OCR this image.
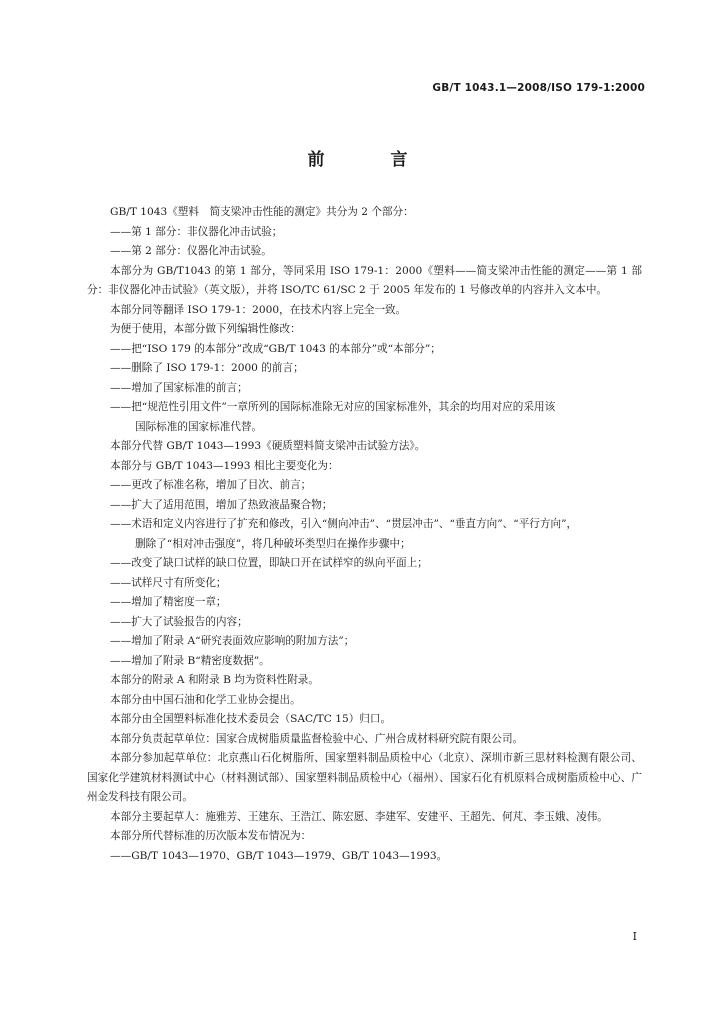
GB/T 1043.1—2008/ISO 179-1:2000
前 言

GB/T 1043《塑料　简支梁冲击性能的测定》共分为 2 个部分：

——第 1 部分：非仪器化冲击试验；

——第 2 部分：仪器化冲击试验。

本部分为 GB/T1043 的第 1 部分，等同采用 ISO 179-1：2000《塑料——简支梁冲击性能的测定——第 1 部分：非仪器化冲击试验》（英文版），并将 ISO/TC 61/SC 2 于 2005 年发布的 1 号修改单的内容并入文本中。

本部分同等翻译 ISO 179-1：2000，在技术内容上完全一致。

为便于使用，本部分做下列编辑性修改：

——把“ISO 179 的本部分”改成“GB/T 1043 的本部分”或“本部分”；

——删除了 ISO 179-1：2000 的前言；

——增加了国家标准的前言；

——把“规范性引用文件”一章所列的国际标准除无对应的国家标准外，其余的均用对应的采用该

国际标准的国家标准代替。

本部分代替 GB/T 1043—1993《硬质塑料简支梁冲击试验方法》。

本部分与 GB/T 1043—1993 相比主要变化为：

——更改了标准名称，增加了目次、前言；

——扩大了适用范围，增加了热致液晶聚合物；

——术语和定义内容进行了扩充和修改，引入“侧向冲击”、“贯层冲击”、“垂直方向”、“平行方向”，

删除了“相对冲击强度”，将几种破坏类型归在操作步骤中；

——改变了缺口试样的缺口位置，即缺口开在试样窄的纵向平面上；

——试样尺寸有所变化；

——增加了精密度一章；

——扩大了试验报告的内容；

——增加了附录 A“研究表面效应影响的附加方法”；

——增加了附录 B“精密度数据”。

本部分的附录 A 和附录 B 均为资料性附录。

本部分由中国石油和化学工业协会提出。

本部分由全国塑料标准化技术委员会（SAC/TC 15）归口。

本部分负责起草单位：国家合成树脂质量监督检验中心、广州合成材料研究院有限公司。

本部分参加起草单位：北京燕山石化树脂所、国家塑料制品质检中心（北京）、深圳市新三思材料检测有限公司、国家化学建筑材料测试中心（材料测试部）、国家塑料制品质检中心（福州）、国家石化有机原料合成树脂质检中心、广州金发科技有限公司。

本部分主要起草人：施雅芳、王建东、王浩江、陈宏愿、李建军、安建平、王超先、何芃、李玉娥、凌伟。

本部分所代替标准的历次版本发布情况为：

——GB/T 1043—1970、GB/T 1043—1979、GB/T 1043—1993。

I
